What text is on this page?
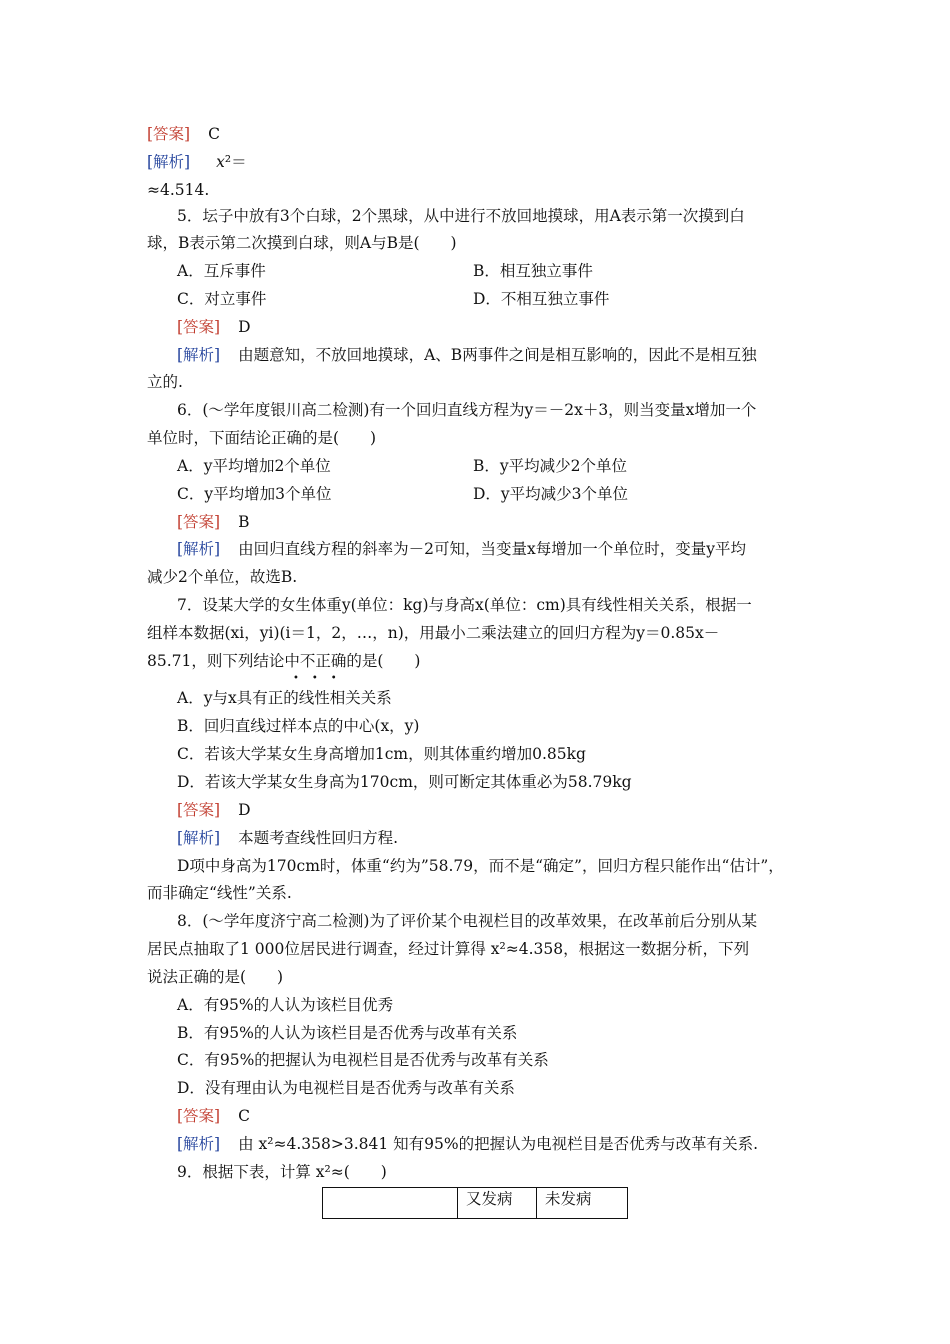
[答案] C
[解析] x²＝
≈4.514.
5．坛子中放有3个白球，2个黑球，从中进行不放回地摸球，用A表示第一次摸到白
球，B表示第二次摸到白球，则A与B是(　　)
A．互斥事件	B．相互独立事件
C．对立事件	D．不相互独立事件
[答案] D
[解析] 由题意知，不放回地摸球，A、B两事件之间是相互影响的，因此不是相互独
立的.
6．(～学年度银川高二检测)有一个回归直线方程为y＝－2x＋3，则当变量x增加一个
单位时，下面结论正确的是(　　)
A．y平均增加2个单位	B．y平均减少2个单位
C．y平均增加3个单位	D．y平均减少3个单位
[答案] B
[解析] 由回归直线方程的斜率为－2可知，当变量x每增加一个单位时，变量y平均
减少2个单位，故选B.
7．设某大学的女生体重y(单位：kg)与身高x(单位：cm)具有线性相关关系，根据一
组样本数据(xi，yi)(i＝1，2，…，n)，用最小二乘法建立的回归方程为y＝0.85x－
85.71，则下列结论中不正确的是(　　)
•••
A．y与x具有正的线性相关关系
B．回归直线过样本点的中心(x，y)
C．若该大学某女生身高增加1cm，则其体重约增加0.85kg
D．若该大学某女生身高为170cm，则可断定其体重必为58.79kg
[答案] D
[解析] 本题考查线性回归方程.
D项中身高为170cm时，体重“约为”58.79，而不是“确定”，回归方程只能作出“估计”，
而非确定“线性”关系.
8．(～学年度济宁高二检测)为了评价某个电视栏目的改革效果，在改革前后分别从某
居民点抽取了1 000位居民进行调查，经过计算得 x²≈4.358，根据这一数据分析，下列
说法正确的是(　　)
A．有95%的人认为该栏目优秀
B．有95%的人认为该栏目是否优秀与改革有关系
C．有95%的把握认为电视栏目是否优秀与改革有关系
D．没有理由认为电视栏目是否优秀与改革有关系
[答案] C
[解析] 由 x²≈4.358>3.841 知有95%的把握认为电视栏目是否优秀与改革有关系.
9．根据下表，计算 x²≈(　　)
	又发病	未发病
